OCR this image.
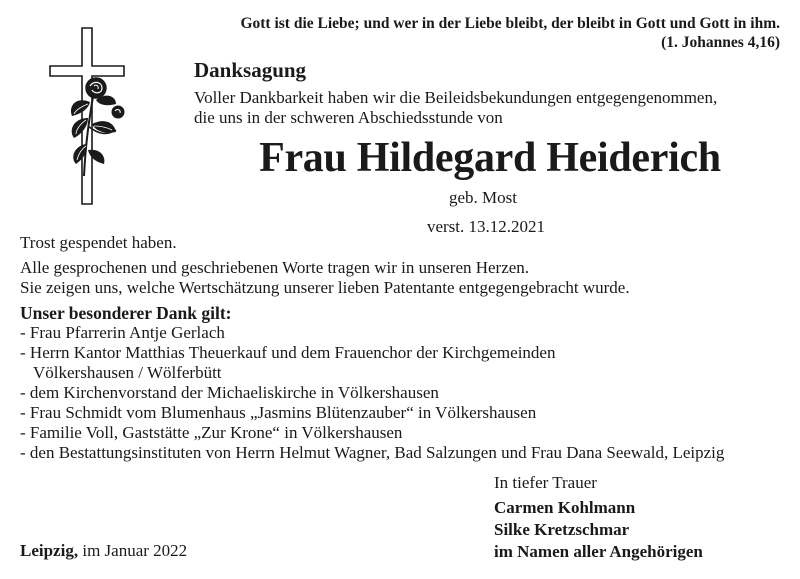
Gott ist die Liebe; und wer in der Liebe bleibt, der bleibt in Gott und Gott in ihm.
(1. Johannes 4,16)
Danksagung
Voller Dankbarkeit haben wir die Beileidsbekundungen entgegengenommen,
die uns in der schweren Abschiedsstunde von
Frau Hildegard Heiderich
geb. Most
verst. 13.12.2021
Trost gespendet haben.
Alle gesprochenen und geschriebenen Worte tragen wir in unseren Herzen.
Sie zeigen uns, welche Wertschätzung unserer lieben Patentante entgegengebracht wurde.
Unser besonderer Dank gilt:
- Frau Pfarrerin Antje Gerlach
- Herrn Kantor Matthias Theuerkauf und dem Frauenchor der Kirchgemeinden
Völkershausen / Wölferbütt
- dem Kirchenvorstand der Michaeliskirche in Völkershausen
- Frau Schmidt vom Blumenhaus „Jasmins Blütenzauber“ in Völkershausen
- Familie Voll, Gaststätte „Zur Krone“ in Völkershausen
- den Bestattungsinstituten von Herrn Helmut Wagner, Bad Salzungen und Frau Dana Seewald, Leipzig
In tiefer Trauer
Carmen Kohlmann
Silke Kretzschmar
im Namen aller Angehörigen
Leipzig, im Januar 2022
